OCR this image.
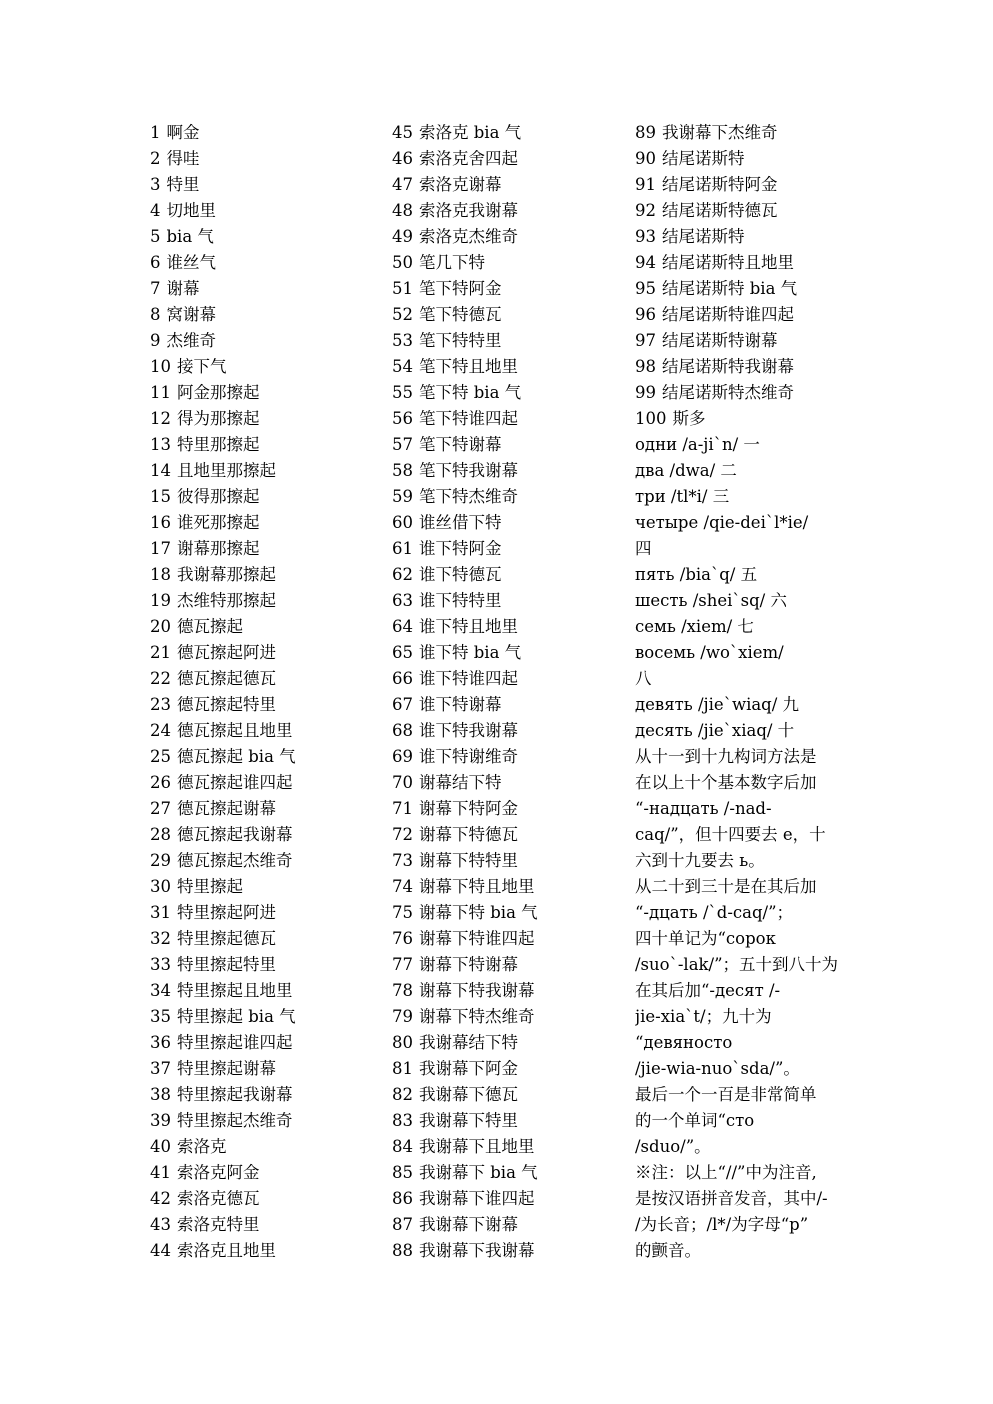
1 啊金
2 得哇
3 特里
4 切地里
5 bia 气
6 谁丝气
7 谢幕
8 窝谢幕
9 杰维奇
10 接下气
11 阿金那擦起
12 得为那擦起
13 特里那擦起
14 且地里那擦起
15 彼得那擦起
16 谁死那擦起
17 谢幕那擦起
18 我谢幕那擦起
19 杰维特那擦起
20 德瓦擦起
21 德瓦擦起阿进
22 德瓦擦起德瓦
23 德瓦擦起特里
24 德瓦擦起且地里
25 德瓦擦起 bia 气
26 德瓦擦起谁四起
27 德瓦擦起谢幕
28 德瓦擦起我谢幕
29 德瓦擦起杰维奇
30 特里擦起
31 特里擦起阿进
32 特里擦起德瓦
33 特里擦起特里
34 特里擦起且地里
35 特里擦起 bia 气
36 特里擦起谁四起
37 特里擦起谢幕
38 特里擦起我谢幕
39 特里擦起杰维奇
40 索洛克
41 索洛克阿金
42 索洛克德瓦
43 索洛克特里
44 索洛克且地里
45 索洛克 bia 气
46 索洛克舍四起
47 索洛克谢幕
48 索洛克我谢幕
49 索洛克杰维奇
50 笔几下特
51 笔下特阿金
52 笔下特德瓦
53 笔下特特里
54 笔下特且地里
55 笔下特 bia 气
56 笔下特谁四起
57 笔下特谢幕
58 笔下特我谢幕
59 笔下特杰维奇
60 谁丝借下特
61 谁下特阿金
62 谁下特德瓦
63 谁下特特里
64 谁下特且地里
65 谁下特 bia 气
66 谁下特谁四起
67 谁下特谢幕
68 谁下特我谢幕
69 谁下特谢维奇
70 谢幕结下特
71 谢幕下特阿金
72 谢幕下特德瓦
73 谢幕下特特里
74 谢幕下特且地里
75 谢幕下特 bia 气
76 谢幕下特谁四起
77 谢幕下特谢幕
78 谢幕下特我谢幕
79 谢幕下特杰维奇
80 我谢幕结下特
81 我谢幕下阿金
82 我谢幕下德瓦
83 我谢幕下特里
84 我谢幕下且地里
85 我谢幕下 bia 气
86 我谢幕下谁四起
87 我谢幕下谢幕
88 我谢幕下我谢幕
89 我谢幕下杰维奇
90 结尾诺斯特
91 结尾诺斯特阿金
92 结尾诺斯特德瓦
93 结尾诺斯特
94 结尾诺斯特且地里
95 结尾诺斯特 bia 气
96 结尾诺斯特谁四起
97 结尾诺斯特谢幕
98 结尾诺斯特我谢幕
99 结尾诺斯特杰维奇
100 斯多
одни /a-ji`n/ 一
два /dwa/ 二
три /tl*i/ 三
четыре /qie-dei`l*ie/
四
пять /bia`q/ 五
шесть /shei`sq/ 六
семь /xiem/ 七
восемь /wo`xiem/
八
девять /jie`wiaq/ 九
десять /jie`xiaq/ 十
从十一到十九构词方法是
在以上十个基本数字后加
“-надцать /-nad-
caq/”，但十四要去 е，十
六到十九要去 ь。
从二十到三十是在其后加
“-дцать /`d-caq/”；
四十单记为“сорок
/suo`-lak/”；五十到八十为
在其后加“-десят /-
jie-xia`t/；九十为
“девяносто
/jie-wia-nuo`sda/”。
最后一个一百是非常简单
的一个单词“сто
/sduo/”。
※注：以上“//”中为注音,
是按汉语拼音发音，其中/-
/为长音；/l*/为字母“p”
的颤音。
